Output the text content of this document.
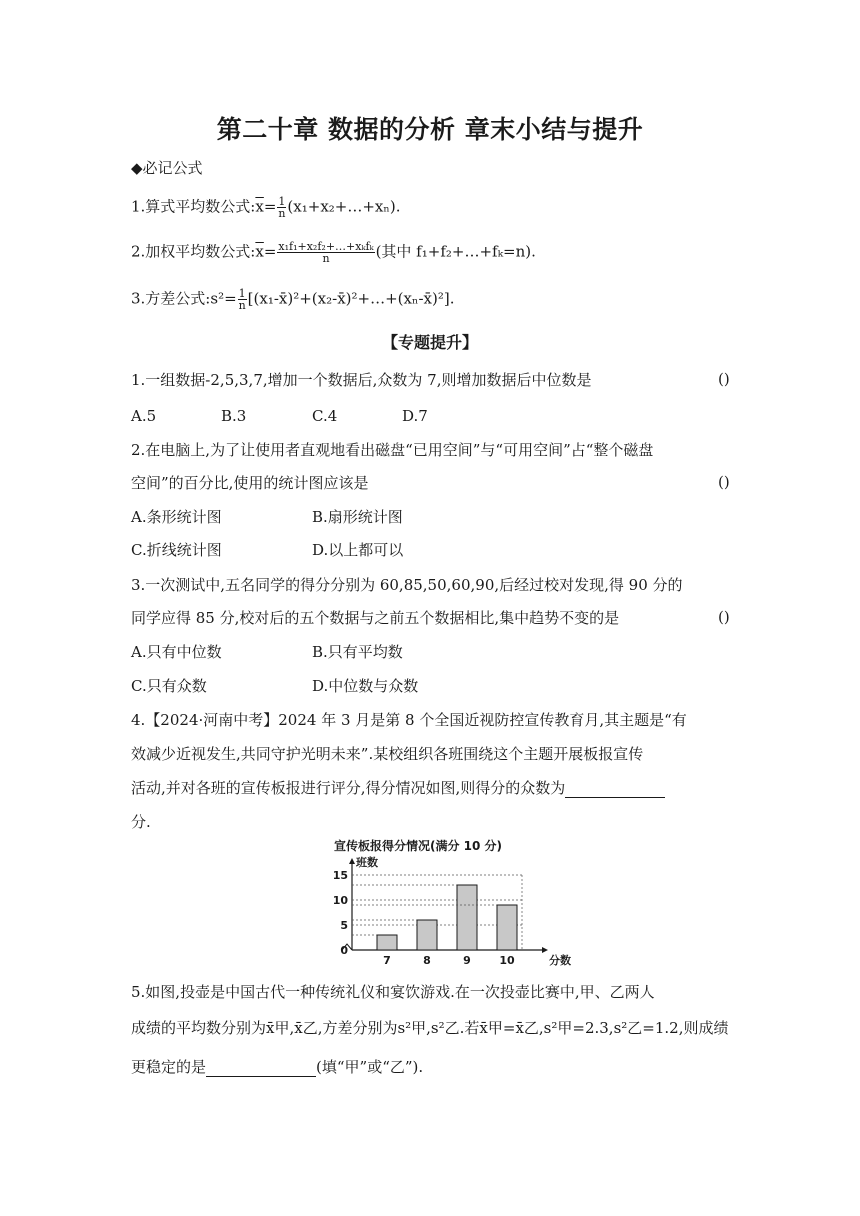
第二十章 数据的分析 章末小结与提升
◆必记公式
1.算式平均数公式$:\overline{x}= \frac{1}{n}$ (x₁+x₂+…+xₙ).
2.加权平均数公式$:\overline{x}= \frac{\text{x₁f₁+x₂f₂+…+xₖfₖ}}{n}$ (其中 f₁+f₂+…+fₖ=n).
3.方差公式:s²= $\frac{1}{n}$ [(x₁-x̄)²+(x₂-x̄)²+…+(xₙ-x̄)²].
【专题提升】
1.一组数据-2,5,3,7,增加一个数据后,众数为 7,则增加数据后中位数是	()
A.5	B.3	C.4	D.7
2.在电脑上,为了让使用者直观地看出磁盘“已用空间”与“可用空间”占“整个磁盘
空间”的百分比,使用的统计图应该是	()
A.条形统计图	B.扇形统计图
C.折线统计图	D.以上都可以
3.一次测试中,五名同学的得分分别为 60,85,50,60,90,后经过校对发现,得 90 分的
同学应得 85 分,校对后的五个数据与之前五个数据相比,集中趋势不变的是	()
A.只有中位数	B.只有平均数
C.只有众数	D.中位数与众数
4.【2024·河南中考】2024 年 3 月是第 8 个全国近视防控宣传教育月,其主题是“有
效减少近视发生,共同守护光明未来”.某校组织各班围绕这个主题开展板报宣传
活动,并对各班的宣传板报进行评分,得分情况如图,则得分的众数为
分.
宣传板报得分情况(满分 10 分)
班数
分数
0
5
10
15
7	8	9	10
5.如图,投壶是中国古代一种传统礼仪和宴饮游戏.在一次投壶比赛中,甲、乙两人
成绩的平均数分别为x̄甲,x̄乙,方差分别为s²甲,s²乙.若x̄甲=x̄乙,s²甲=2.3,s²乙=1.2,则成绩
更稳定的是	(填“甲”或“乙”).
